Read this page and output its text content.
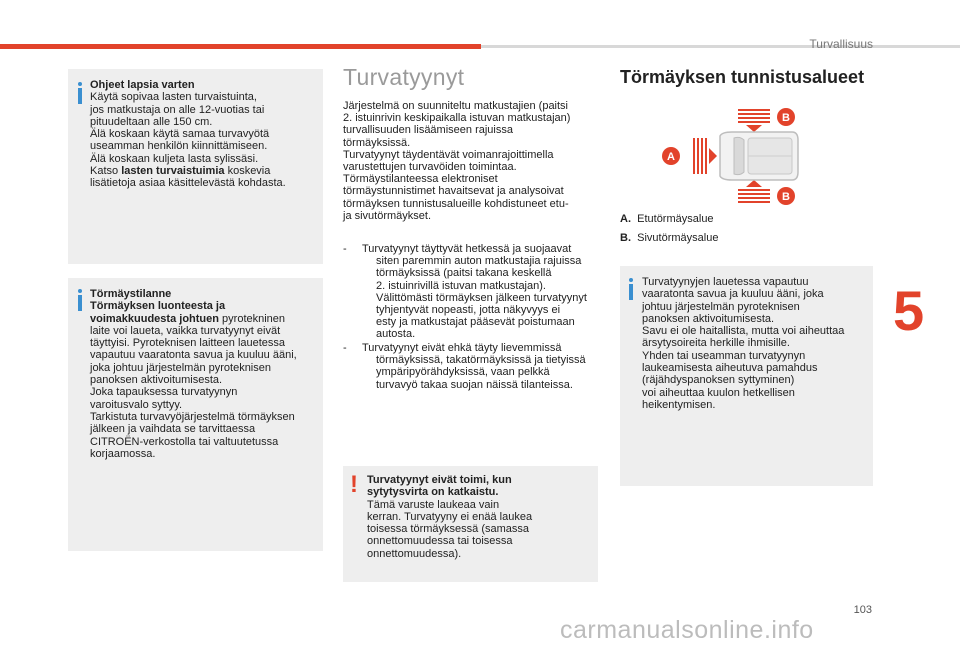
Turvallisuus
Ohjeet lapsia varten
Käytä sopivaa lasten turvaistuinta,
jos matkustaja on alle 12-vuotias tai
pituudeltaan alle 150 cm.
Älä koskaan käytä samaa turvavyötä
useamman henkilön kiinnittämiseen.
Älä koskaan kuljeta lasta sylissäsi.
Katso lasten turvaistuimia koskevia
lisätietoja asiaa käsittelevästä kohdasta.
Törmäystilanne
Törmäyksen luonteesta ja
voimakkuudesta johtuen pyrotekninen
laite voi laueta, vaikka turvatyynyt eivät
täyttyisi. Pyroteknisen laitteen lauetessa
vapautuu vaaratonta savua ja kuuluu ääni,
joka johtuu järjestelmän pyroteknisen
panoksen aktivoitumisesta.
Joka tapauksessa turvatyynyn
varoitusvalo syttyy.
Tarkistuta turvavyöjärjestelmä törmäyksen
jälkeen ja vaihdata se tarvittaessa
CITROËN-verkostolla tai valtuutetussa
korjaamossa.
Turvatyynyt
Järjestelmä on suunniteltu matkustajien (paitsi
2. istuinrivin keskipaikalla istuvan matkustajan)
turvallisuuden lisäämiseen rajuissa
törmäyksissä.
Turvatyynyt täydentävät voimanrajoittimella
varustettujen turvavöiden toimintaa.
Törmäystilanteessa elektroniset
törmäystunnistimet havaitsevat ja analysoivat
törmäyksen tunnistusalueille kohdistuneet etu-
ja sivutörmäykset.
- Turvatyynyt täyttyvät hetkessä ja suojaavat
siten paremmin auton matkustajia rajuissa
törmäyksissä (paitsi takana keskellä
2. istuinrivillä istuvan matkustajan).
Välittömästi törmäyksen jälkeen turvatyynyt
tyhjentyvät nopeasti, jotta näkyvyys ei
esty ja matkustajat pääsevät poistumaan
autosta.
- Turvatyynyt eivät ehkä täyty lievemmissä
törmäyksissä, takatörmäyksissä ja tietyissä
ympäripyörähdyksissä, vaan pelkkä
turvavyö takaa suojan näissä tilanteissa.
! Turvatyynyt eivät toimi, kun
sytytysvirta on katkaistu.
Tämä varuste laukeaa vain
kerran. Turvatyyny ei enää laukea
toisessa törmäyksessä (samassa
onnettomuudessa tai toisessa
onnettomuudessa).
Törmäyksen tunnistusalueet
A
B
B
A. Etutörmäysalue
B. Sivutörmäysalue
Turvatyynyjen lauetessa vapautuu
vaaratonta savua ja kuuluu ääni, joka
johtuu järjestelmän pyroteknisen
panoksen aktivoitumisesta.
Savu ei ole haitallista, mutta voi aiheuttaa
ärsytysoireita herkille ihmisille.
Yhden tai useamman turvatyynyn
laukeamisesta aiheutuva pamahdus
(räjähdyspanoksen syttyminen)
voi aiheuttaa kuulon hetkellisen
heikentymisen.
5
103
carmanualsonline.info
